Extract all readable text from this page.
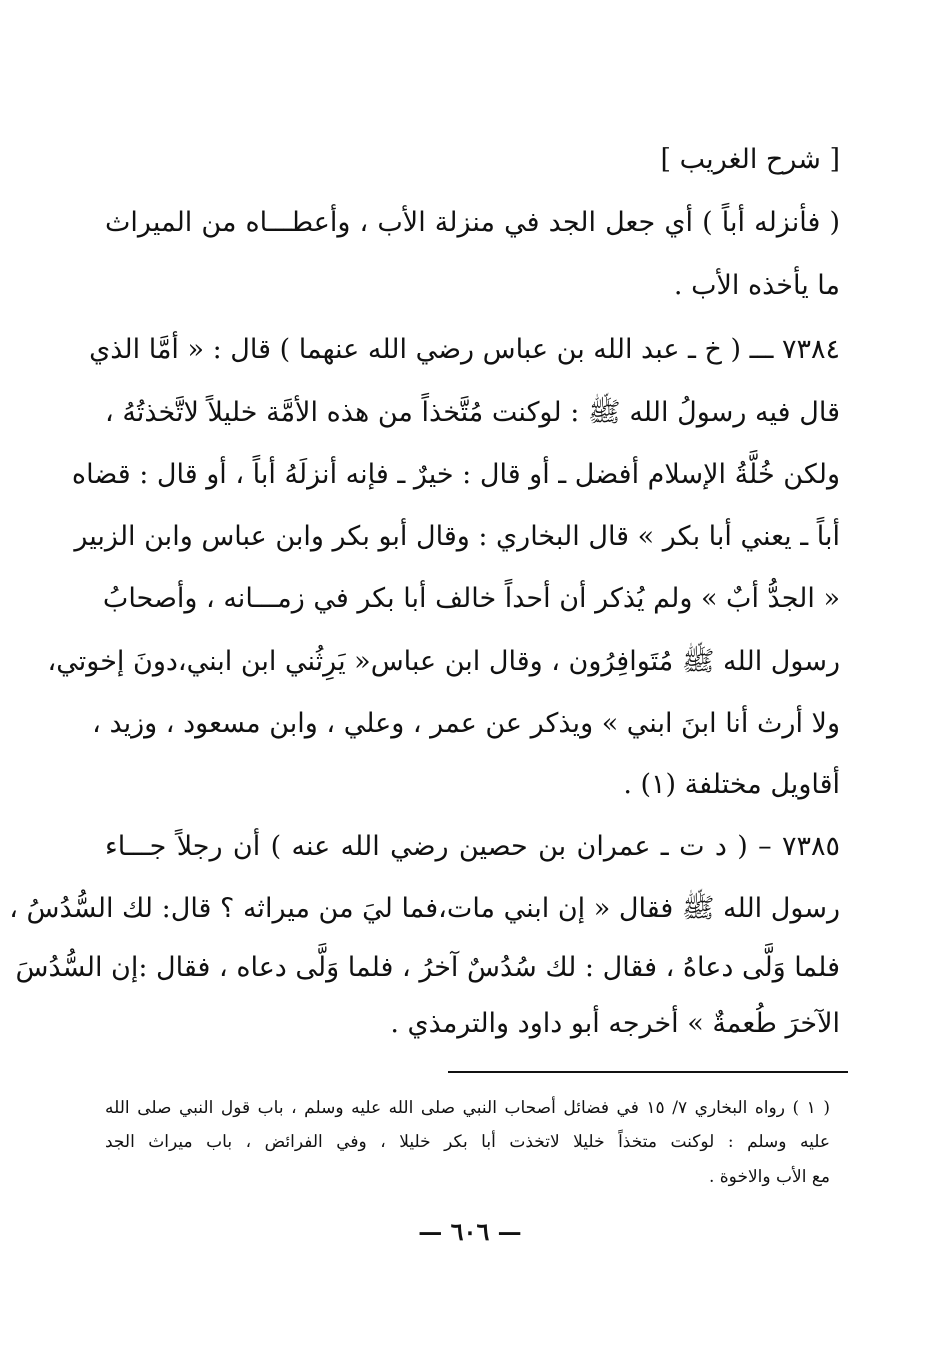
[ شرح الغريب ]
( فأنزله أباً ) أي جعل الجد في منزلة الأب ، وأعطـــاه من الميراث
ما يأخذه الأب .
٧٣٨٤ ـــ ( خ ـ عبد الله بن عباس رضي الله عنهما ) قال : « أمَّا الذي
قال فيه رسولُ الله ﷺ : لوكنت مُتَّخذاً من هذه الأمَّة خليلاً لاتَّخذتُهُ ،
ولكن خُلَّةُ الإسلام أفضل ـ أو قال : خيرٌ ـ فإنه أنزلَهُ أباً ، أو قال : قضاه
أباً ـ يعني أبا بكر » قال البخاري : وقال أبو بكر وابن عباس وابن الزبير
« الجدُّ أبٌ » ولم يُذكر أن أحداً خالف أبا بكر في زمـــانه ، وأصحابُ
رسول الله ﷺ مُتَوافِرُون ، وقال ابن عباس« يَرِثُني ابن ابني،دونَ إخوتي،
ولا أرث أنا ابنَ ابني » ويذكر عن عمر ، وعلي ، وابن مسعود ، وزيد ،
أقاويل مختلفة (١) .
٧٣٨٥ – ( د ت ـ عمران بن حصين رضي الله عنه ) أن رجلاً جـــاء
رسول الله ﷺ فقال « إن ابني مات،فما ليَ من ميراثه ؟ قال: لك السُّدُسُ ،
فلما وَلَّى دعاهُ ، فقال : لك سُدُسٌ آخرُ ، فلما وَلَّى دعاه ، فقال :إن السُّدُسَ
الآخرَ طُعمةٌ » أخرجه أبو داود والترمذي .
( ١ ) رواه البخاري ٧/ ١٥ في فضائل أصحاب النبي صلى الله عليه وسلم ، باب قول النبي صلى الله
عليه وسلم : لوكنت متخذاً خليلا لاتخذت أبا بكر خليلا ، وفي الفرائض ، باب ميراث الجد
مع الأب والاخوة .
— ٦٠٦ —
